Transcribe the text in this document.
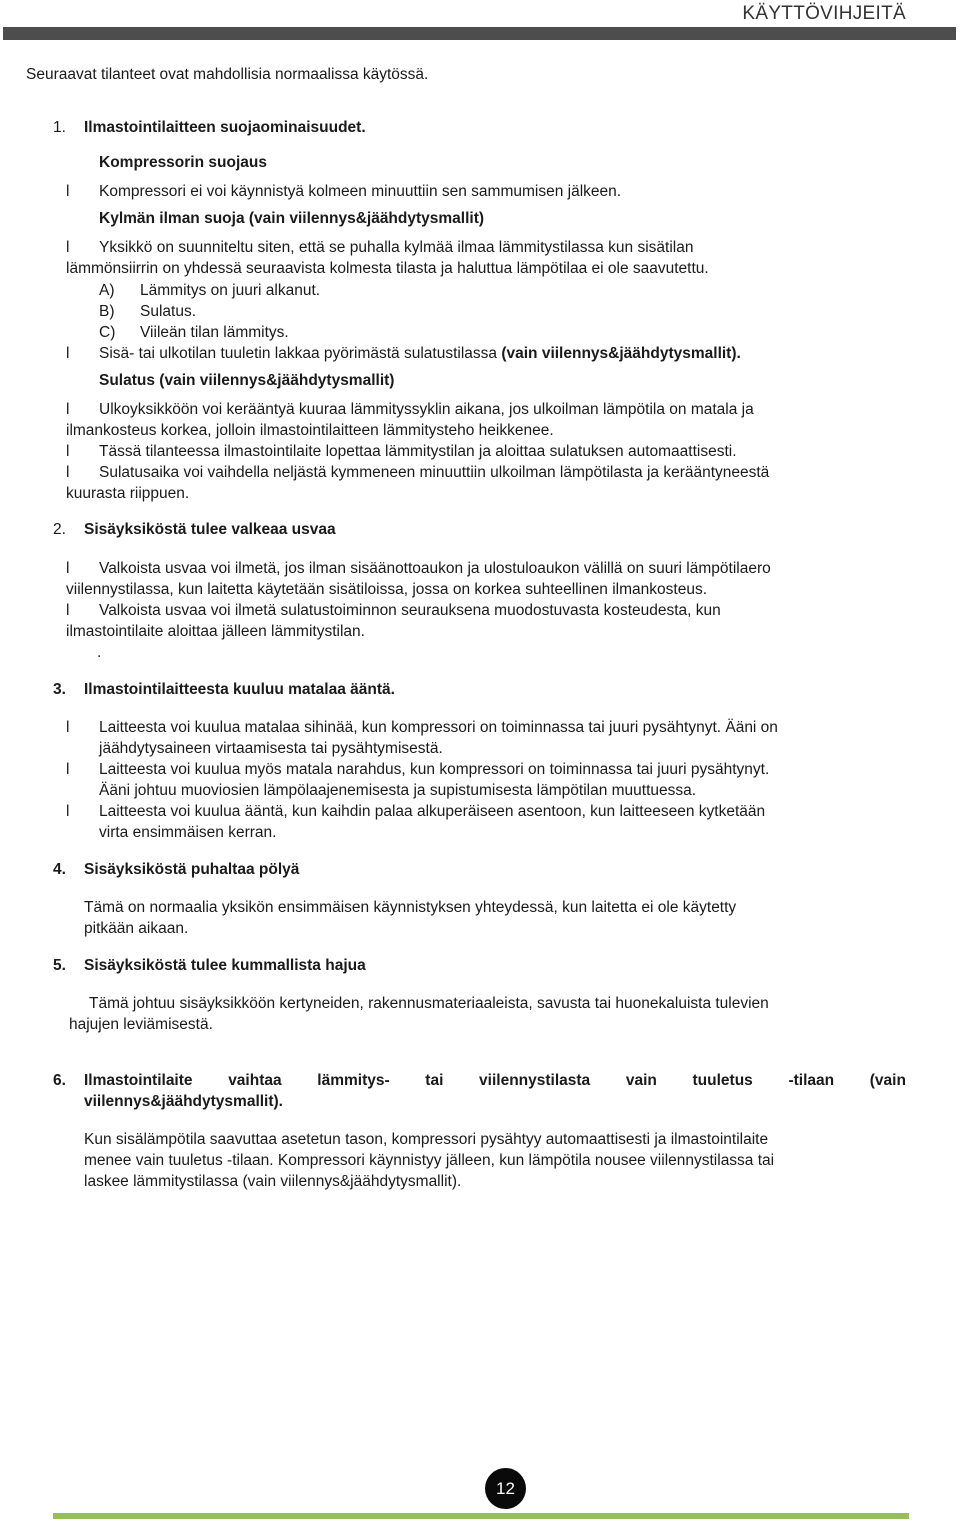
KÄYTTÖVIHJEITÄ
Seuraavat tilanteet ovat mahdollisia normaalissa käytössä.
1. Ilmastointilaitteen suojaominaisuudet.
Kompressorin suojaus
l Kompressori ei voi käynnistyä kolmeen minuuttiin sen sammumisen jälkeen.
Kylmän ilman suoja (vain viilennys&jäähdytysmallit)
l Yksikkö on suunniteltu siten, että se puhalla kylmää ilmaa lämmitystilassa kun sisätilan
lämmönsiirrin on yhdessä seuraavista kolmesta tilasta ja haluttua lämpötilaa ei ole saavutettu.
A) Lämmitys on juuri alkanut.
B) Sulatus.
C) Viileän tilan lämmitys.
l Sisä- tai ulkotilan tuuletin lakkaa pyörimästä sulatustilassa (vain viilennys&jäähdytysmallit).
Sulatus (vain viilennys&jäähdytysmallit)
l Ulkoyksikköön voi kerääntyä kuuraa lämmityssyklin aikana, jos ulkoilman lämpötila on matala ja
ilmankosteus korkea, jolloin ilmastointilaitteen lämmitysteho heikkenee.
l Tässä tilanteessa ilmastointilaite lopettaa lämmitystilan ja aloittaa sulatuksen automaattisesti.
l Sulatusaika voi vaihdella neljästä kymmeneen minuuttiin ulkoilman lämpötilasta ja kerääntyneestä
kuurasta riippuen.
2. Sisäyksiköstä tulee valkeaa usvaa
l Valkoista usvaa voi ilmetä, jos ilman sisäänottoaukon ja ulostuloaukon välillä on suuri lämpötilaero
viilennystilassa, kun laitetta käytetään sisätiloissa, jossa on korkea suhteellinen ilmankosteus.
l Valkoista usvaa voi ilmetä sulatustoiminnon seurauksena muodostuvasta kosteudesta, kun
ilmastointilaite aloittaa jälleen lämmitystilan.
.
3. Ilmastointilaitteesta kuuluu matalaa ääntä.
l Laitteesta voi kuulua matalaa sihinää, kun kompressori on toiminnassa tai juuri pysähtynyt. Ääni on
jäähdytysaineen virtaamisesta tai pysähtymisestä.
l Laitteesta voi kuulua myös matala narahdus, kun kompressori on toiminnassa tai juuri pysähtynyt.
Ääni johtuu muoviosien lämpölaajenemisesta ja supistumisesta lämpötilan muuttuessa.
l Laitteesta voi kuulua ääntä, kun kaihdin palaa alkuperäiseen asentoon, kun laitteeseen kytketään
virta ensimmäisen kerran.
4. Sisäyksiköstä puhaltaa pölyä
Tämä on normaalia yksikön ensimmäisen käynnistyksen yhteydessä, kun laitetta ei ole käytetty
pitkään aikaan.
5. Sisäyksiköstä tulee kummallista hajua
Tämä johtuu sisäyksikköön kertyneiden, rakennusmateriaaleista, savusta tai huonekaluista tulevien
hajujen leviämisestä.
6. Ilmastointilaite vaihtaa lämmitys- tai viilennystilasta vain tuuletus -tilaan (vain
viilennys&jäähdytysmallit).
Kun sisälämpötila saavuttaa asetetun tason, kompressori pysähtyy automaattisesti ja ilmastointilaite
menee vain tuuletus -tilaan. Kompressori käynnistyy jälleen, kun lämpötila nousee viilennystilassa tai
laskee lämmitystilassa (vain viilennys&jäähdytysmallit).
12
